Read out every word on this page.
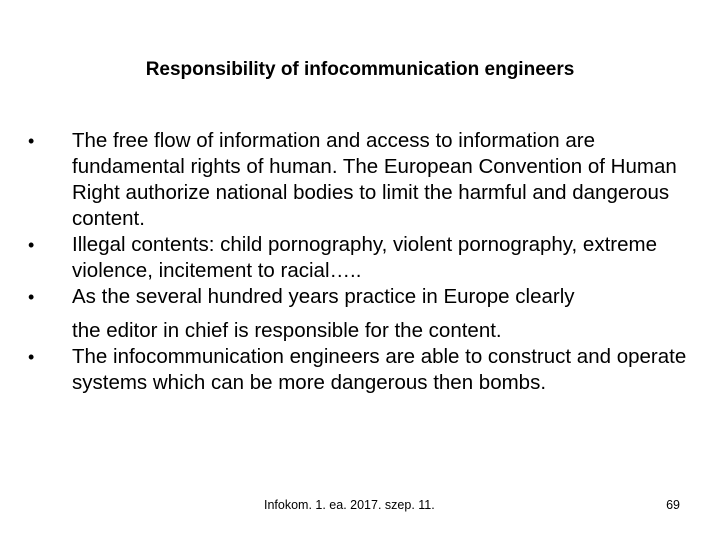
Responsibility of infocommunication engineers
•	The free flow of information and access to information are fundamental rights of human. The European Convention of Human Right authorize national bodies to limit the harmful and dangerous content.
•	Illegal contents: child pornography, violent pornography, extreme violence, incitement to racial…..
•	As the several hundred years practice in Europe clearly
the editor in chief is responsible for the content.
•	The infocommunication engineers are able to construct and operate systems which can be more dangerous then bombs.
Infokom. 1. ea. 2017. szep. 11.	69
